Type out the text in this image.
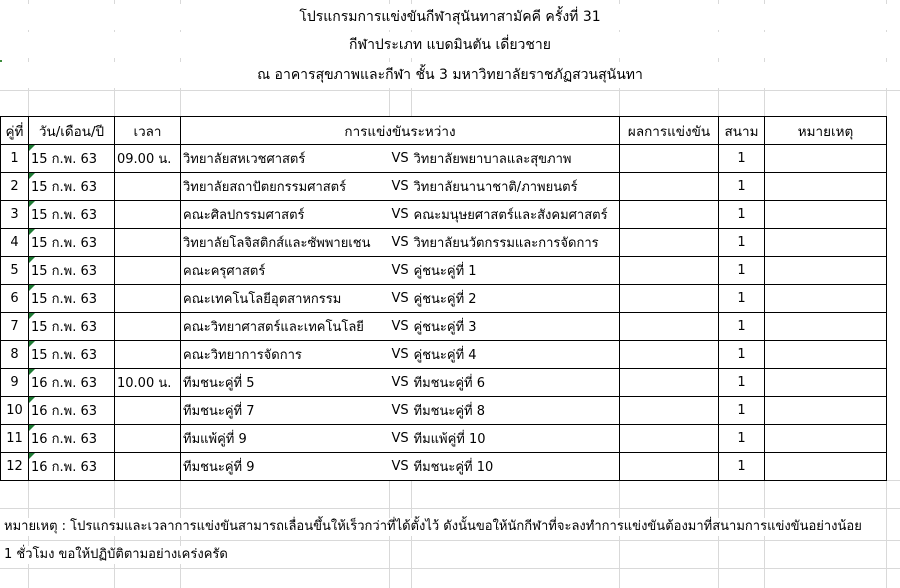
โปรแกรมการแข่งขันกีฬาสุนันทาสามัคคี ครั้งที่ 31
กีฬาประเภท แบดมินตัน เดี่ยวชาย
ณ อาคารสุขภาพและกีฬา ชั้น 3 มหาวิทยาลัยราชภัฏสวนสุนันทา
คู่ที่	วัน/เดือน/ปี	เวลา	การแข่งขันระหว่าง			ผลการแข่งขัน	สนาม	หมายเหตุ
1	15 ก.พ. 63	09.00 น.	วิทยาลัยสหเวชศาสตร์	VS	วิทยาลัยพยาบาลและสุขภาพ		1	
2	15 ก.พ. 63		วิทยาลัยสถาปัตยกรรมศาสตร์	VS	วิทยาลัยนานาชาติ/ภาพยนตร์		1	
3	15 ก.พ. 63		คณะศิลปกรรมศาสตร์	VS	คณะมนุษยศาสตร์และสังคมศาสตร์		1	
4	15 ก.พ. 63		วิทยาลัยโลจิสติกส์และซัพพายเชน	VS	วิทยาลัยนวัตกรรมและการจัดการ		1	
5	15 ก.พ. 63		คณะครุศาสตร์	VS	คู่ชนะคู่ที่ 1		1	
6	15 ก.พ. 63		คณะเทคโนโลยีอุตสาหกรรม	VS	คู่ชนะคู่ที่ 2		1	
7	15 ก.พ. 63		คณะวิทยาศาสตร์และเทคโนโลยี	VS	คู่ชนะคู่ที่ 3		1	
8	15 ก.พ. 63		คณะวิทยาการจัดการ	VS	คู่ชนะคู่ที่ 4		1	
9	16 ก.พ. 63	10.00 น.	ทีมชนะคู่ที่ 5	VS	ทีมชนะคู่ที่ 6		1	
10	16 ก.พ. 63		ทีมชนะคู่ที่ 7	VS	ทีมชนะคู่ที่ 8		1	
11	16 ก.พ. 63		ทีมแพ้คู่ที่ 9	VS	ทีมแพ้คู่ที่ 10		1	
12	16 ก.พ. 63		ทีมชนะคู่ที่ 9	VS	ทีมชนะคู่ที่ 10		1	
หมายเหตุ : โปรแกรมและเวลาการแข่งขันสามารถเลื่อนขึ้นให้เร็วกว่าที่ได้ตั้งไว้ ดังนั้นขอให้นักกีฬาที่จะลงทำการแข่งขันต้องมาที่สนามการแข่งขันอย่างน้อย
1 ชั่วโมง ขอให้ปฏิบัติตามอย่างเคร่งครัด
